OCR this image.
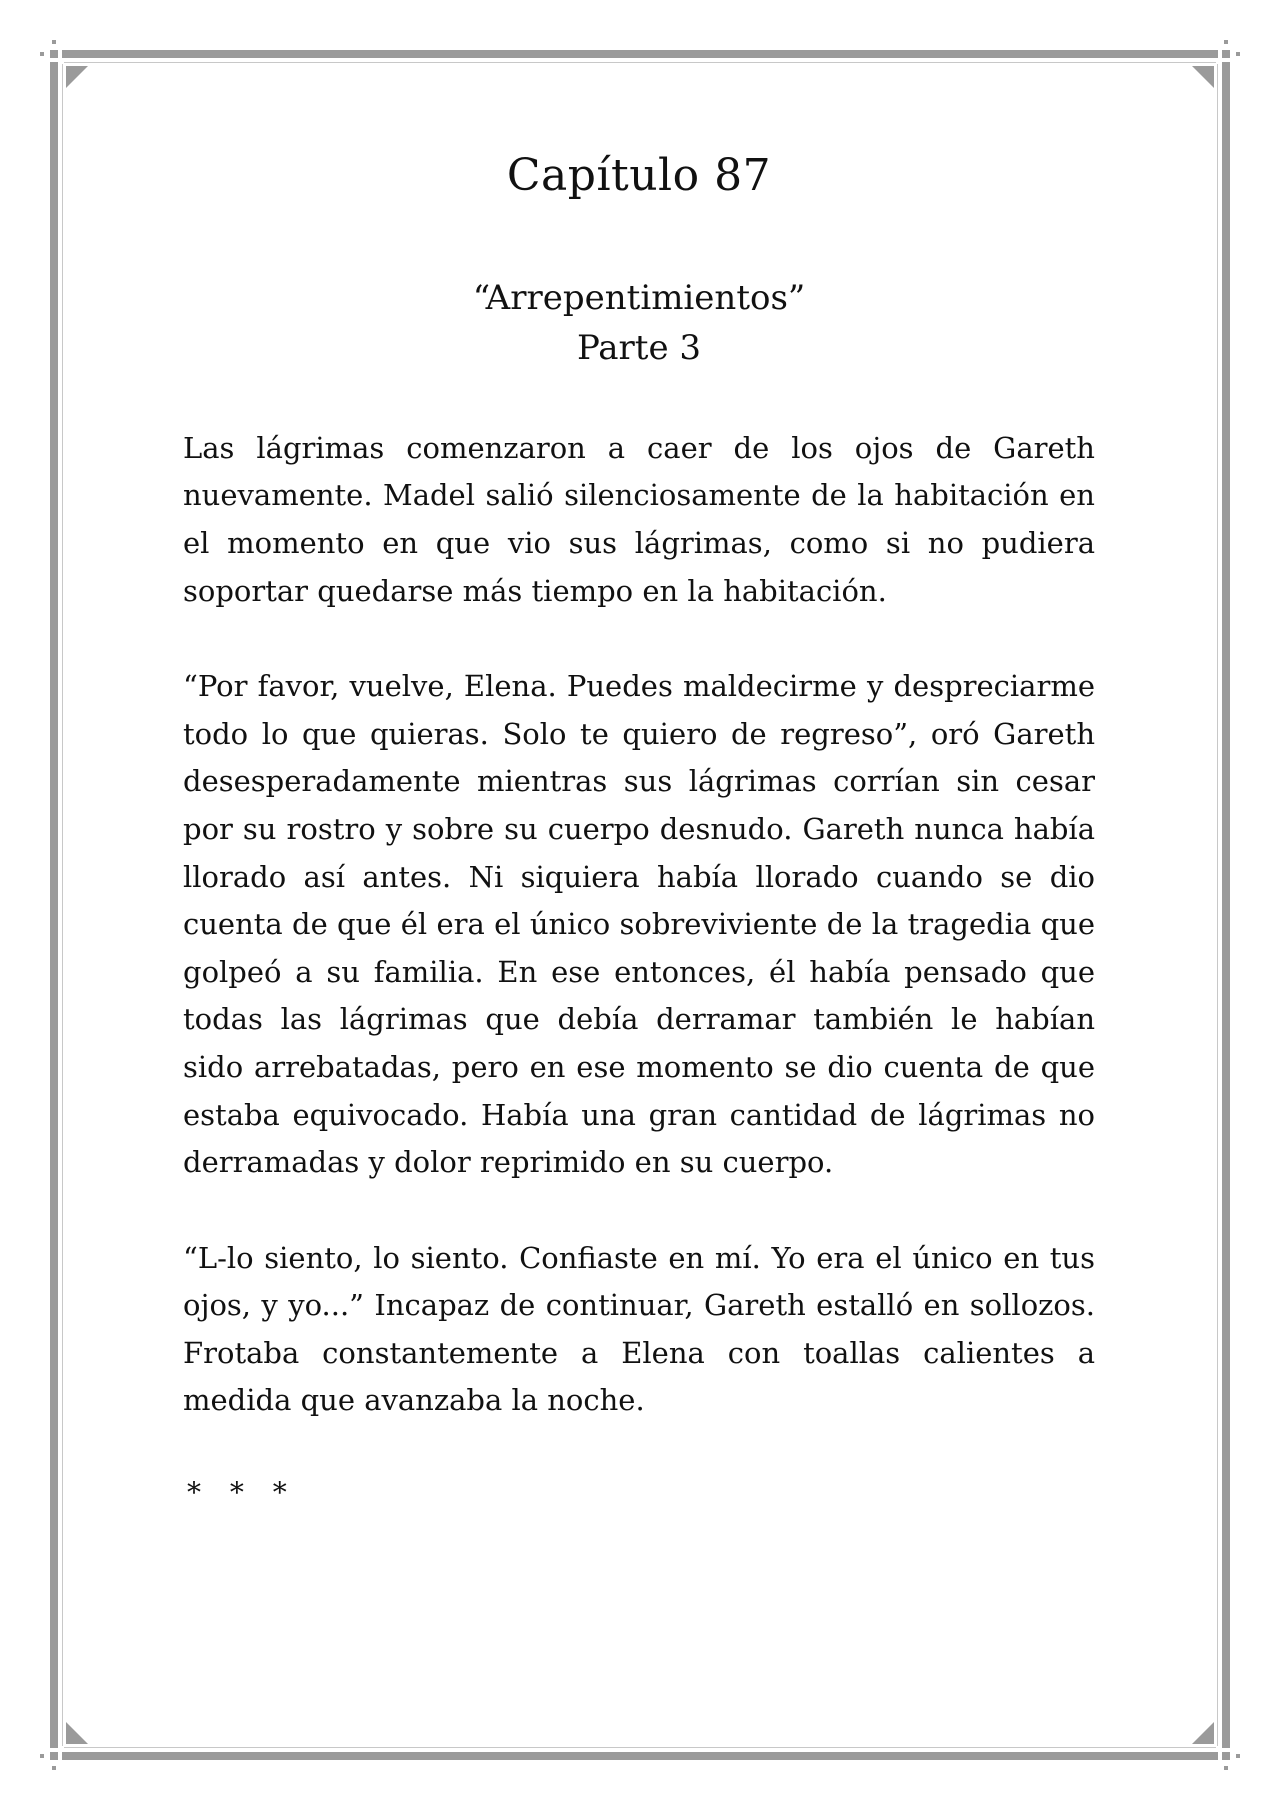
Capítulo 87
“Arrepentimientos”
Parte 3

Las lágrimas comenzaron a caer de los ojos de Gareth nuevamente. Madel salió silenciosamente de la habitación en el momento en que vio sus lágrimas, como si no pudiera soportar quedarse más tiempo en la habitación.

“Por favor, vuelve, Elena. Puedes maldecirme y despreciarme todo lo que quieras. Solo te quiero de regreso”, oró Gareth desesperadamente mientras sus lágrimas corrían sin cesar por su rostro y sobre su cuerpo desnudo. Gareth nunca había llorado así antes. Ni siquiera había llorado cuando se dio cuenta de que él era el único sobreviviente de la tragedia que golpeó a su familia. En ese entonces, él había pensado que todas las lágrimas que debía derramar también le habían sido arrebatadas, pero en ese momento se dio cuenta de que estaba equivocado. Había una gran cantidad de lágrimas no derramadas y dolor reprimido en su cuerpo.

“L-lo siento, lo siento. Confiaste en mí. Yo era el único en tus ojos, y yo...” Incapaz de continuar, Gareth estalló en sollozos. Frotaba constantemente a Elena con toallas calientes a medida que avanzaba la noche.

* * *
